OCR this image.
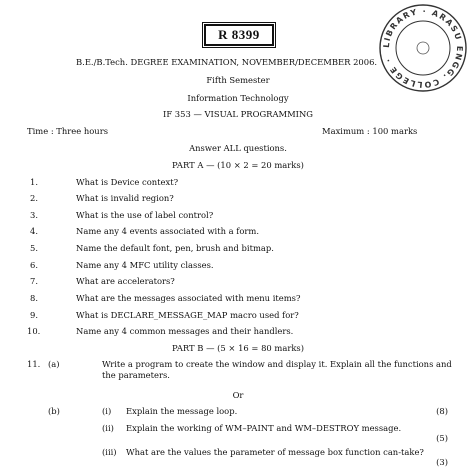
R 8399
LIBRARY · ARASU ENGG. COLLEGE ·
B.E./B.Tech. DEGREE EXAMINATION, NOVEMBER/DECEMBER 2006.
Fifth Semester
Information Technology
IF 353 — VISUAL PROGRAMMING
Time : Three hours	Maximum : 100 marks
Answer ALL questions.
PART A — (10 × 2 = 20 marks)
1.	What is Device context?
2.	What is invalid region?
3.	What is the use of label control?
4.	Name any 4 events associated with a form.
5.	Name the default font, pen, brush and bitmap.
6.	Name any 4 MFC utility classes.
7.	What are accelerators?
8.	What are the messages associated with menu items?
9.	What is DECLARE_MESSAGE_MAP macro used for?
10.	Name any 4 common messages and their handlers.
PART B — (5 × 16 = 80 marks)
11. (a)	Write a program to create the window and display it. Explain all the functions and the parameters.
Or
(b)	(i) Explain the message loop.	(8)
(ii) Explain the working of WM–PAINT and WM–DESTROY message.
(5)
(iii) What are the values the parameter of message box function can-take?
(3)
